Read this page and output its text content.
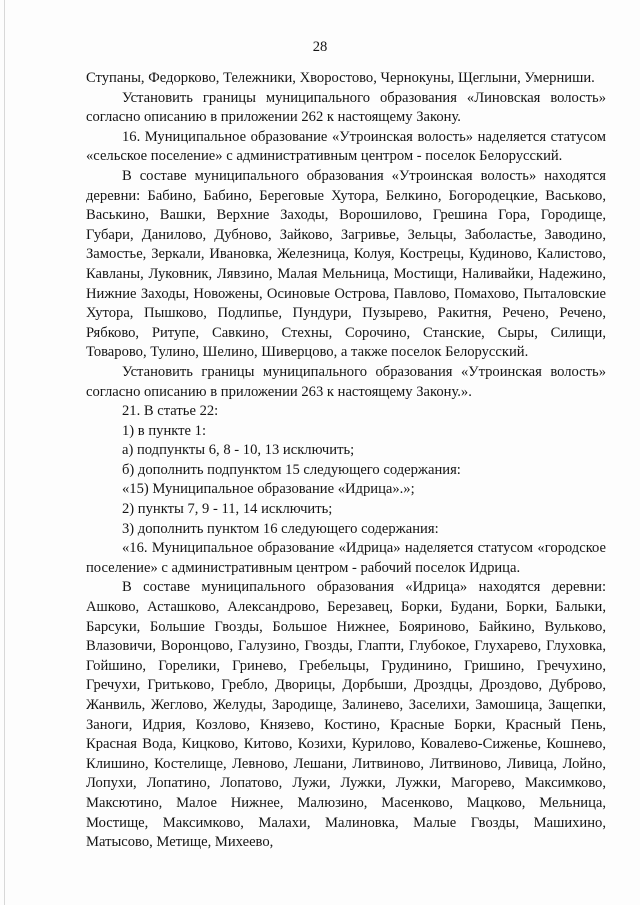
28

Ступаны, Федорково, Тележники, Хворостово, Чернокуны, Щеглыни, Умерниши.

Установить границы муниципального образования «Линовская волость» согласно описанию в приложении 262 к настоящему Закону.

16. Муниципальное образование «Утроинская волость» наделяется статусом «сельское поселение» с административным центром - поселок Белорусский.

В составе муниципального образования «Утроинская волость» находятся деревни: Бабино, Бабино, Береговые Хутора, Белкино, Богородецкие, Васьково, Васькино, Вашки, Верхние Заходы, Ворошилово, Грешина Гора, Городище, Губари, Данилово, Дубново, Зайково, Загривье, Зельцы, Заболастье, Заводино, Замостье, Зеркали, Ивановка, Железница, Колуя, Кострецы, Кудиново, Калистово, Кавланы, Луковник, Лявзино, Малая Мельница, Мостищи, Наливайки, Надежино, Нижние Заходы, Новожены, Осиновые Острова, Павлово, Помахово, Пыталовские Хутора, Пышково, Подлипье, Пундури, Пузырево, Ракитня, Речено, Речено, Рябково, Ритупе, Савкино, Стехны, Сорочино, Станские, Сыры, Силищи, Товарово, Тулино, Шелино, Шиверцово, а также поселок Белорусский.

Установить границы муниципального образования «Утроинская волость» согласно описанию в приложении 263 к настоящему Закону.».

21. В статье 22:

1) в пункте 1:

а) подпункты 6, 8 - 10, 13 исключить;

б) дополнить подпунктом 15 следующего содержания:

«15) Муниципальное образование «Идрица».»;

2) пункты 7, 9 - 11, 14 исключить;

3) дополнить пунктом 16 следующего содержания:

«16. Муниципальное образование «Идрица» наделяется статусом «городское поселение» с административным центром - рабочий поселок Идрица.

В составе муниципального образования «Идрица» находятся деревни: Ашково, Асташково, Александрово, Березавец, Борки, Будани, Борки, Балыки, Барсуки, Большие Гвозды, Большое Нижнее, Бояриново, Байкино, Вульково, Влазовичи, Воронцово, Галузино, Гвозды, Глапти, Глубокое, Глухарево, Глуховка, Гойшино, Горелики, Гринево, Гребельцы, Грудинино, Гришино, Гречухино, Гречухи, Гритьково, Гребло, Дворицы, Дорбыши, Дроздцы, Дроздово, Дуброво, Жанвиль, Жеглово, Желуды, Зародище, Залинево, Заселихи, Замошица, Защепки, Заноги, Идрия, Козлово, Князево, Костино, Красные Борки, Красный Пень, Красная Вода, Кицково, Китово, Козихи, Курилово, Ковалево-Сиженье, Кошнево, Клишино, Костелище, Левново, Лешани, Литвиново, Литвиново, Ливица, Лойно, Лопухи, Лопатино, Лопатово, Лужи, Лужки, Лужки, Магорево, Максимково, Максютино, Малое Нижнее, Малюзино, Масенково, Мацково, Мельница, Мостище, Максимково, Малахи, Малиновка, Малые Гвозды, Машихино, Матысово, Метище, Михеево,
